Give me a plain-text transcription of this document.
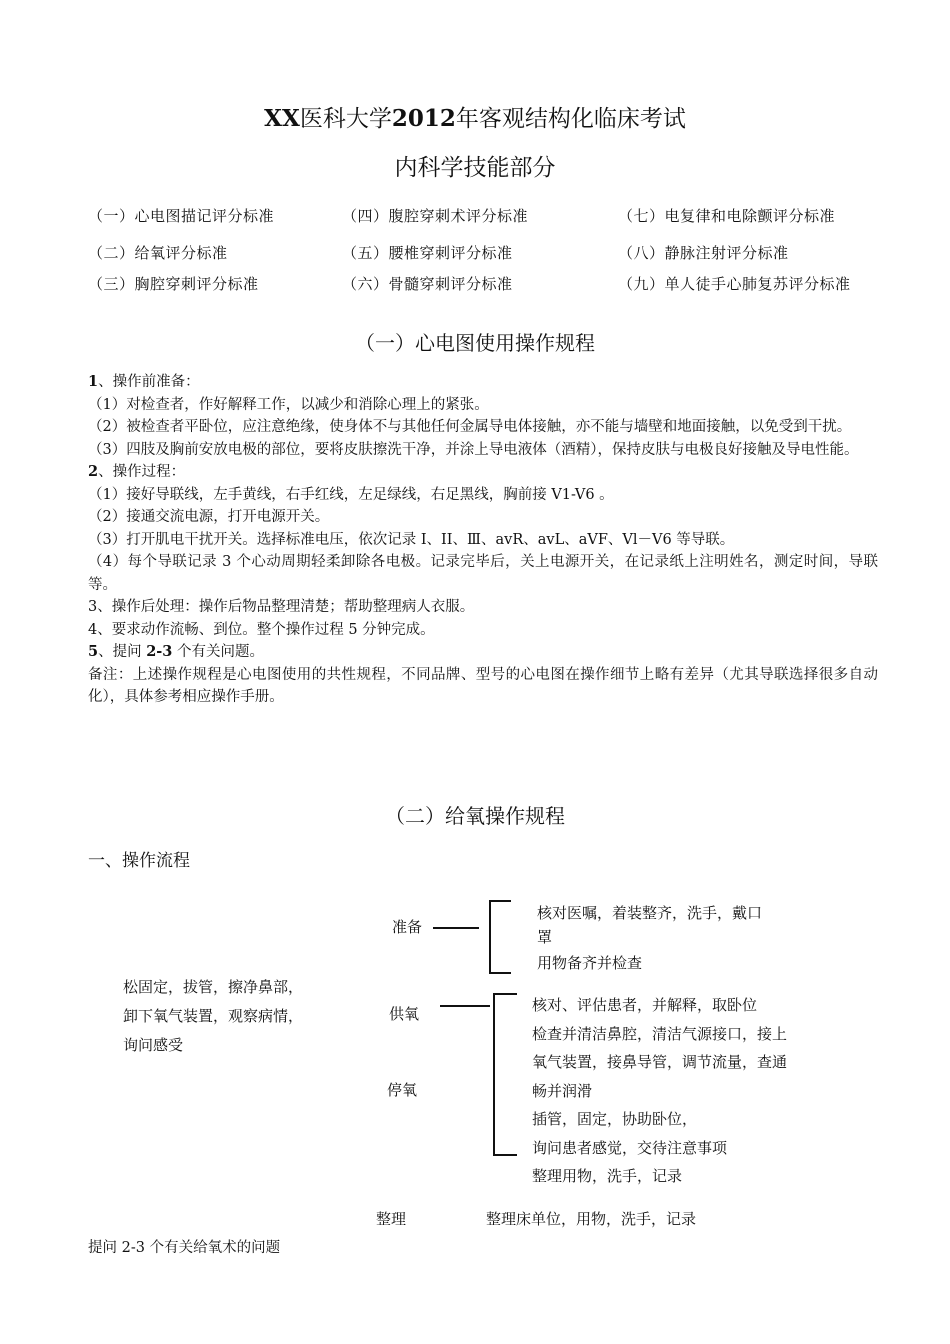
XX医科大学2012年客观结构化临床考试
内科学技能部分
（一）心电图描记评分标准	（四）腹腔穿刺术评分标准	（七）电复律和电除颤评分标准
（二）给氧评分标准	（五）腰椎穿刺评分标准	（八）静脉注射评分标准
（三）胸腔穿刺评分标准	（六）骨髓穿刺评分标准	（九）单人徒手心肺复苏评分标准
（一）心电图使用操作规程

1、操作前准备：

（1）对检查者，作好解释工作，以减少和消除心理上的紧张。

（2）被检查者平卧位，应注意绝缘，使身体不与其他任何金属导电体接触，亦不能与墙壁和地面接触，以免受到干扰。

（3）四肢及胸前安放电极的部位，要将皮肤擦洗干净，并涂上导电液体（酒精），保持皮肤与电极良好接触及导电性能。

2、操作过程：

（1）接好导联线，左手黄线，右手红线，左足绿线，右足黑线，胸前接 V1-V6 。

（2）接通交流电源，打开电源开关。

（3）打开肌电干扰开关。选择标准电压，依次记录 I、II、Ⅲ、avR、avL、aVF、Vl－V6 等导联。

（4）每个导联记录 3 个心动周期轻柔卸除各电极。记录完毕后，关上电源开关，在记录纸上注明姓名，测定时间，导联等。

3、操作后处理：操作后物品整理清楚；帮助整理病人衣服。

4、要求动作流畅、到位。整个操作过程 5 分钟完成。

5、提问 2-3 个有关问题。

备注：上述操作规程是心电图使用的共性规程，不同品牌、型号的心电图在操作细节上略有差异（尤其导联选择很多自动化），具体参考相应操作手册。

（二）给氧操作规程
一、操作流程
松固定，拔管，擦净鼻部，
卸下氧气装置，观察病情，
询问感受
准备
核对医嘱，着装整齐，洗手，戴口
罩
用物备齐并检查
供氧	核对、评估患者，并解释，取卧位
检查并清洁鼻腔，清洁气源接口，接上
氧气装置，接鼻导管，调节流量，查通
畅并润滑
插管，固定，协助卧位，
询问患者感觉，交待注意事项
整理用物，洗手，记录
停氧
整理	整理床单位，用物，洗手，记录
提问 2-3 个有关给氧术的问题
